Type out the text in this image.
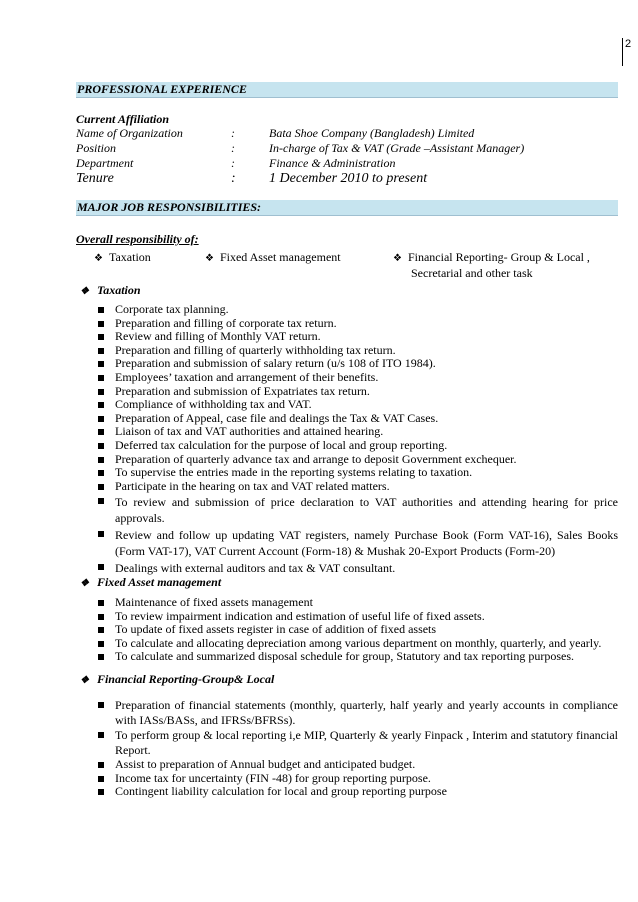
2
PROFESSIONAL EXPERIENCE
Current Affiliation
Name of Organization	:	Bata Shoe Company (Bangladesh) Limited
Position	:	In-charge of Tax & VAT (Grade –Assistant Manager)
Department	:	Finance & Administration
Tenure	: 1 December 2010 to present
MAJOR JOB RESPONSIBILITIES:
Overall responsibility of:
❖ Taxation	❖ Fixed Asset management	❖ Financial Reporting- Group & Local ,
Secretarial and other task
❖ Taxation
Corporate tax planning.
Preparation and filling of corporate tax return.
Review and filling of Monthly VAT return.
Preparation and filling of quarterly withholding tax return.
Preparation and submission of salary return (u/s 108 of ITO 1984).
Employees’ taxation and arrangement of their benefits.
Preparation and submission of Expatriates tax return.
Compliance of withholding tax and VAT.
Preparation of Appeal, case file and dealings the Tax & VAT Cases.
Liaison of tax and VAT authorities and attained hearing.
Deferred tax calculation for the purpose of local and group reporting.
Preparation of quarterly advance tax and arrange to deposit Government exchequer.
To supervise the entries made in the reporting systems relating to taxation.
Participate in the hearing on tax and VAT related matters.
To review and submission of price declaration to VAT authorities and attending hearing for price approvals.
Review and follow up updating VAT registers, namely Purchase Book (Form VAT-16), Sales Books (Form VAT-17), VAT Current Account (Form-18) & Mushak 20-Export Products (Form-20)
Dealings with external auditors and tax & VAT consultant.
❖ Fixed Asset management
Maintenance of fixed assets management
To review impairment indication and estimation of useful life of fixed assets.
To update of fixed assets register in case of addition of fixed assets
To calculate and allocating depreciation among various department on monthly, quarterly, and yearly.
To calculate and summarized disposal schedule for group, Statutory and tax reporting purposes.
❖ Financial Reporting-Group& Local
Preparation of financial statements (monthly, quarterly, half yearly and yearly accounts in compliance with IASs/BASs, and IFRSs/BFRSs).
To perform group & local reporting i,e MIP, Quarterly & yearly Finpack , Interim and statutory financial Report.
Assist to preparation of Annual budget and anticipated budget.
Income tax for uncertainty (FIN -48) for group reporting purpose.
Contingent liability calculation for local and group reporting purpose
